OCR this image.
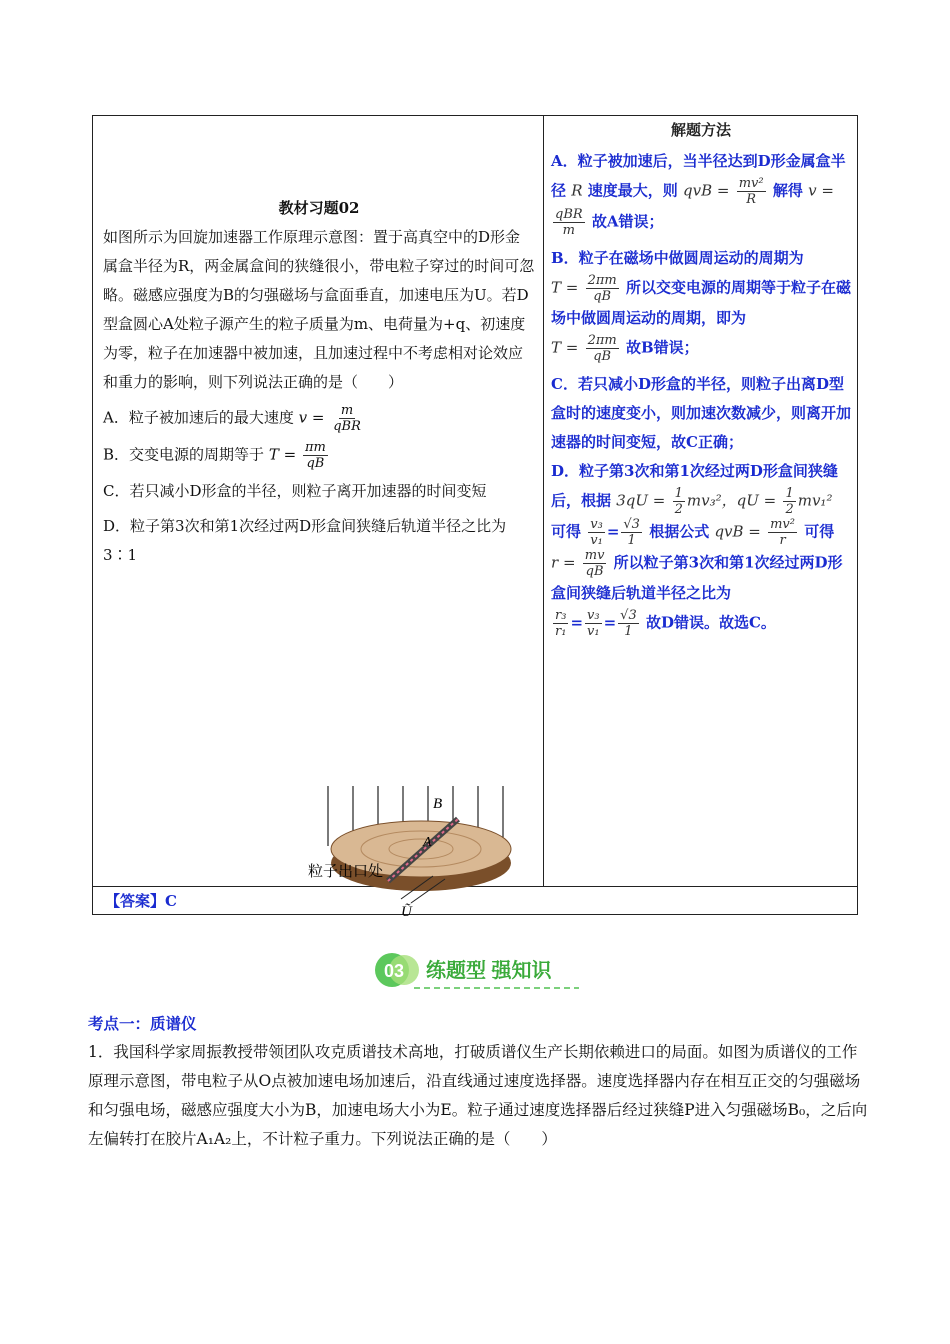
教材习题02
如图所示为回旋加速器工作原理示意图：置于高真空中的D形金属盒半径为R，两金属盒间的狭缝很小，带电粒子穿过的时间可忽略。磁感应强度为B的匀强磁场与盒面垂直，加速电压为U。若D型盒圆心A处粒子源产生的粒子质量为m、电荷量为+q、初速度为零，粒子在加速器中被加速，且加速过程中不考虑相对论效应和重力的影响，则下列说法正确的是（　　）
A．粒子被加速后的最大速度 $v = \frac{m}{\text{qBR}}$
B．交变电源的周期等于 $T = \frac{\pi m}{qB}$
C．若只减小D形盒的半径，则粒子离开加速器的时间变短
D．粒子第3次和第1次经过两D形盒间狭缝后轨道半径之比为3∶1
B
A
粒子出口处
Ũ
解题方法
A．粒子被加速后，当半径达到D形金属盒半径 R 速度最大，则 qvB = $\frac{\text{mv²}}{R}$ 解得 v =
$\frac{\text{qBR}}{m}$ 故A错误；
B．粒子在磁场中做圆周运动的周期为
$T = \frac{2\pi m}{qB}$ 所以交变电源的周期等于粒子在磁场中做圆周运动的周期，即为
$T = \frac{2\pi m}{qB}$ 故B错误；
C．若只减小D形盒的半径，则粒子出离D型盒时的速度变小，则加速次数减少，则离开加速器的时间变短，故C正确；
D．粒子第3次和第1次经过两D形盒间狭缝后，根据 $3qU = \frac{1}{2} mv_3^2$，qU = $\frac{1}{2} mv_1^2$
可得 $\frac{\text{v₃}}{\text{v₁}} = \frac{√3}{1}$ 根据公式 qvB = $\frac{\text{mv²}}{r}$ 可得
$r = \frac{mv}{qB}$ 所以粒子第3次和第1次经过两D形盒间狭缝后轨道半径之比为

$\frac{\text{r₃}}{\text{r₁}} = \frac{\text{v₃}}{\text{v₁}} = \frac{√3}{1}$ 故D错误。故选C。
【答案】C
03 练题型 强知识
考点一：质谱仪
1．我国科学家周振教授带领团队攻克质谱技术高地，打破质谱仪生产长期依赖进口的局面。如图为质谱仪的工作原理示意图，带电粒子从O点被加速电场加速后，沿直线通过速度选择器。速度选择器内存在相互正交的匀强磁场和匀强电场，磁感应强度大小为B，加速电场大小为E。粒子通过速度选择器后经过狭缝P进入匀强磁场B₀，之后向左偏转打在胶片A₁A₂上，不计粒子重力。下列说法正确的是（　　）
